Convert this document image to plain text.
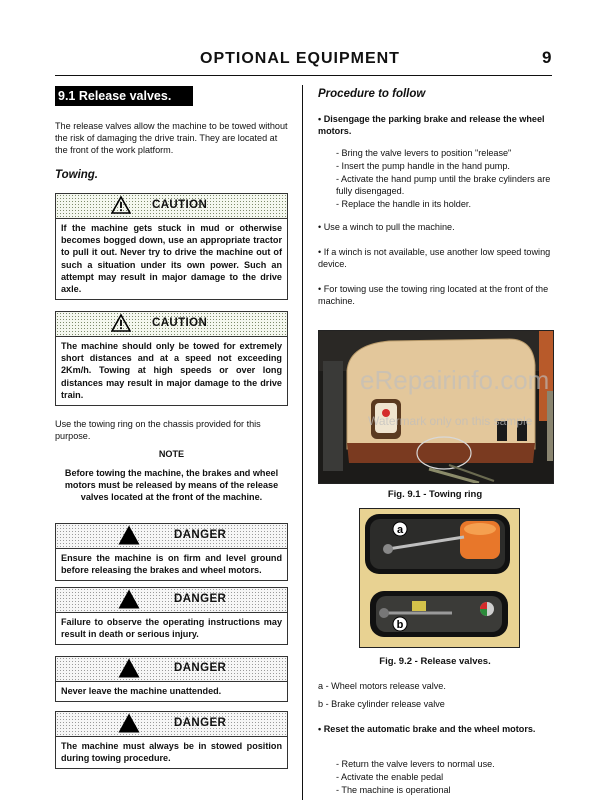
OPTIONAL EQUIPMENT	9
9.1 Release valves.
The release valves allow the machine to be towed without the risk of damaging the drive train. They are located at the front of the work platform.
Towing.
CAUTION
If the machine gets stuck in mud or otherwise becomes bogged down, use an appropriate tractor to pull it out. Never try to drive the machine out of such a situation under its own power. Such an attempt may result in major damage to the drive axle.
CAUTION
The machine should only be towed for extremely short distances and at a speed not exceeding 2Km/h. Towing at high speeds or over long distances may result in major damage to the drive train.
Use the towing ring on the chassis provided for this purpose.
NOTE
Before towing the machine, the brakes and wheel motors must be released by means of the release valves located at the front of the machine.
DANGER
Ensure the machine is on firm and level ground before releasing the brakes and wheel motors.
DANGER
Failure to observe the operating instructions may result in death or serious injury.
DANGER
Never leave the machine unattended.
DANGER
The machine must always be in stowed position during towing procedure.
Procedure to follow
• Disengage the parking brake and release the wheel motors.
- Bring the valve levers to position "release"
- Insert the pump handle in the hand pump.
- Activate the hand pump until the brake cylinders are fully disengaged.
- Replace the handle in its holder.
• Use a winch to pull the machine.
• If a winch is not available, use another low speed towing device.
• For towing use the towing ring located at the front of the machine.
eRepairinfo.com
Watermark only on this sample
Fig. 9.1 - Towing ring
a
b
Fig. 9.2 - Release valves.
a - Wheel motors release valve.
b - Brake cylinder release valve
• Reset the automatic brake and the wheel motors.
- Return the valve levers to normal use.
- Activate the enable pedal
- The machine is operational
